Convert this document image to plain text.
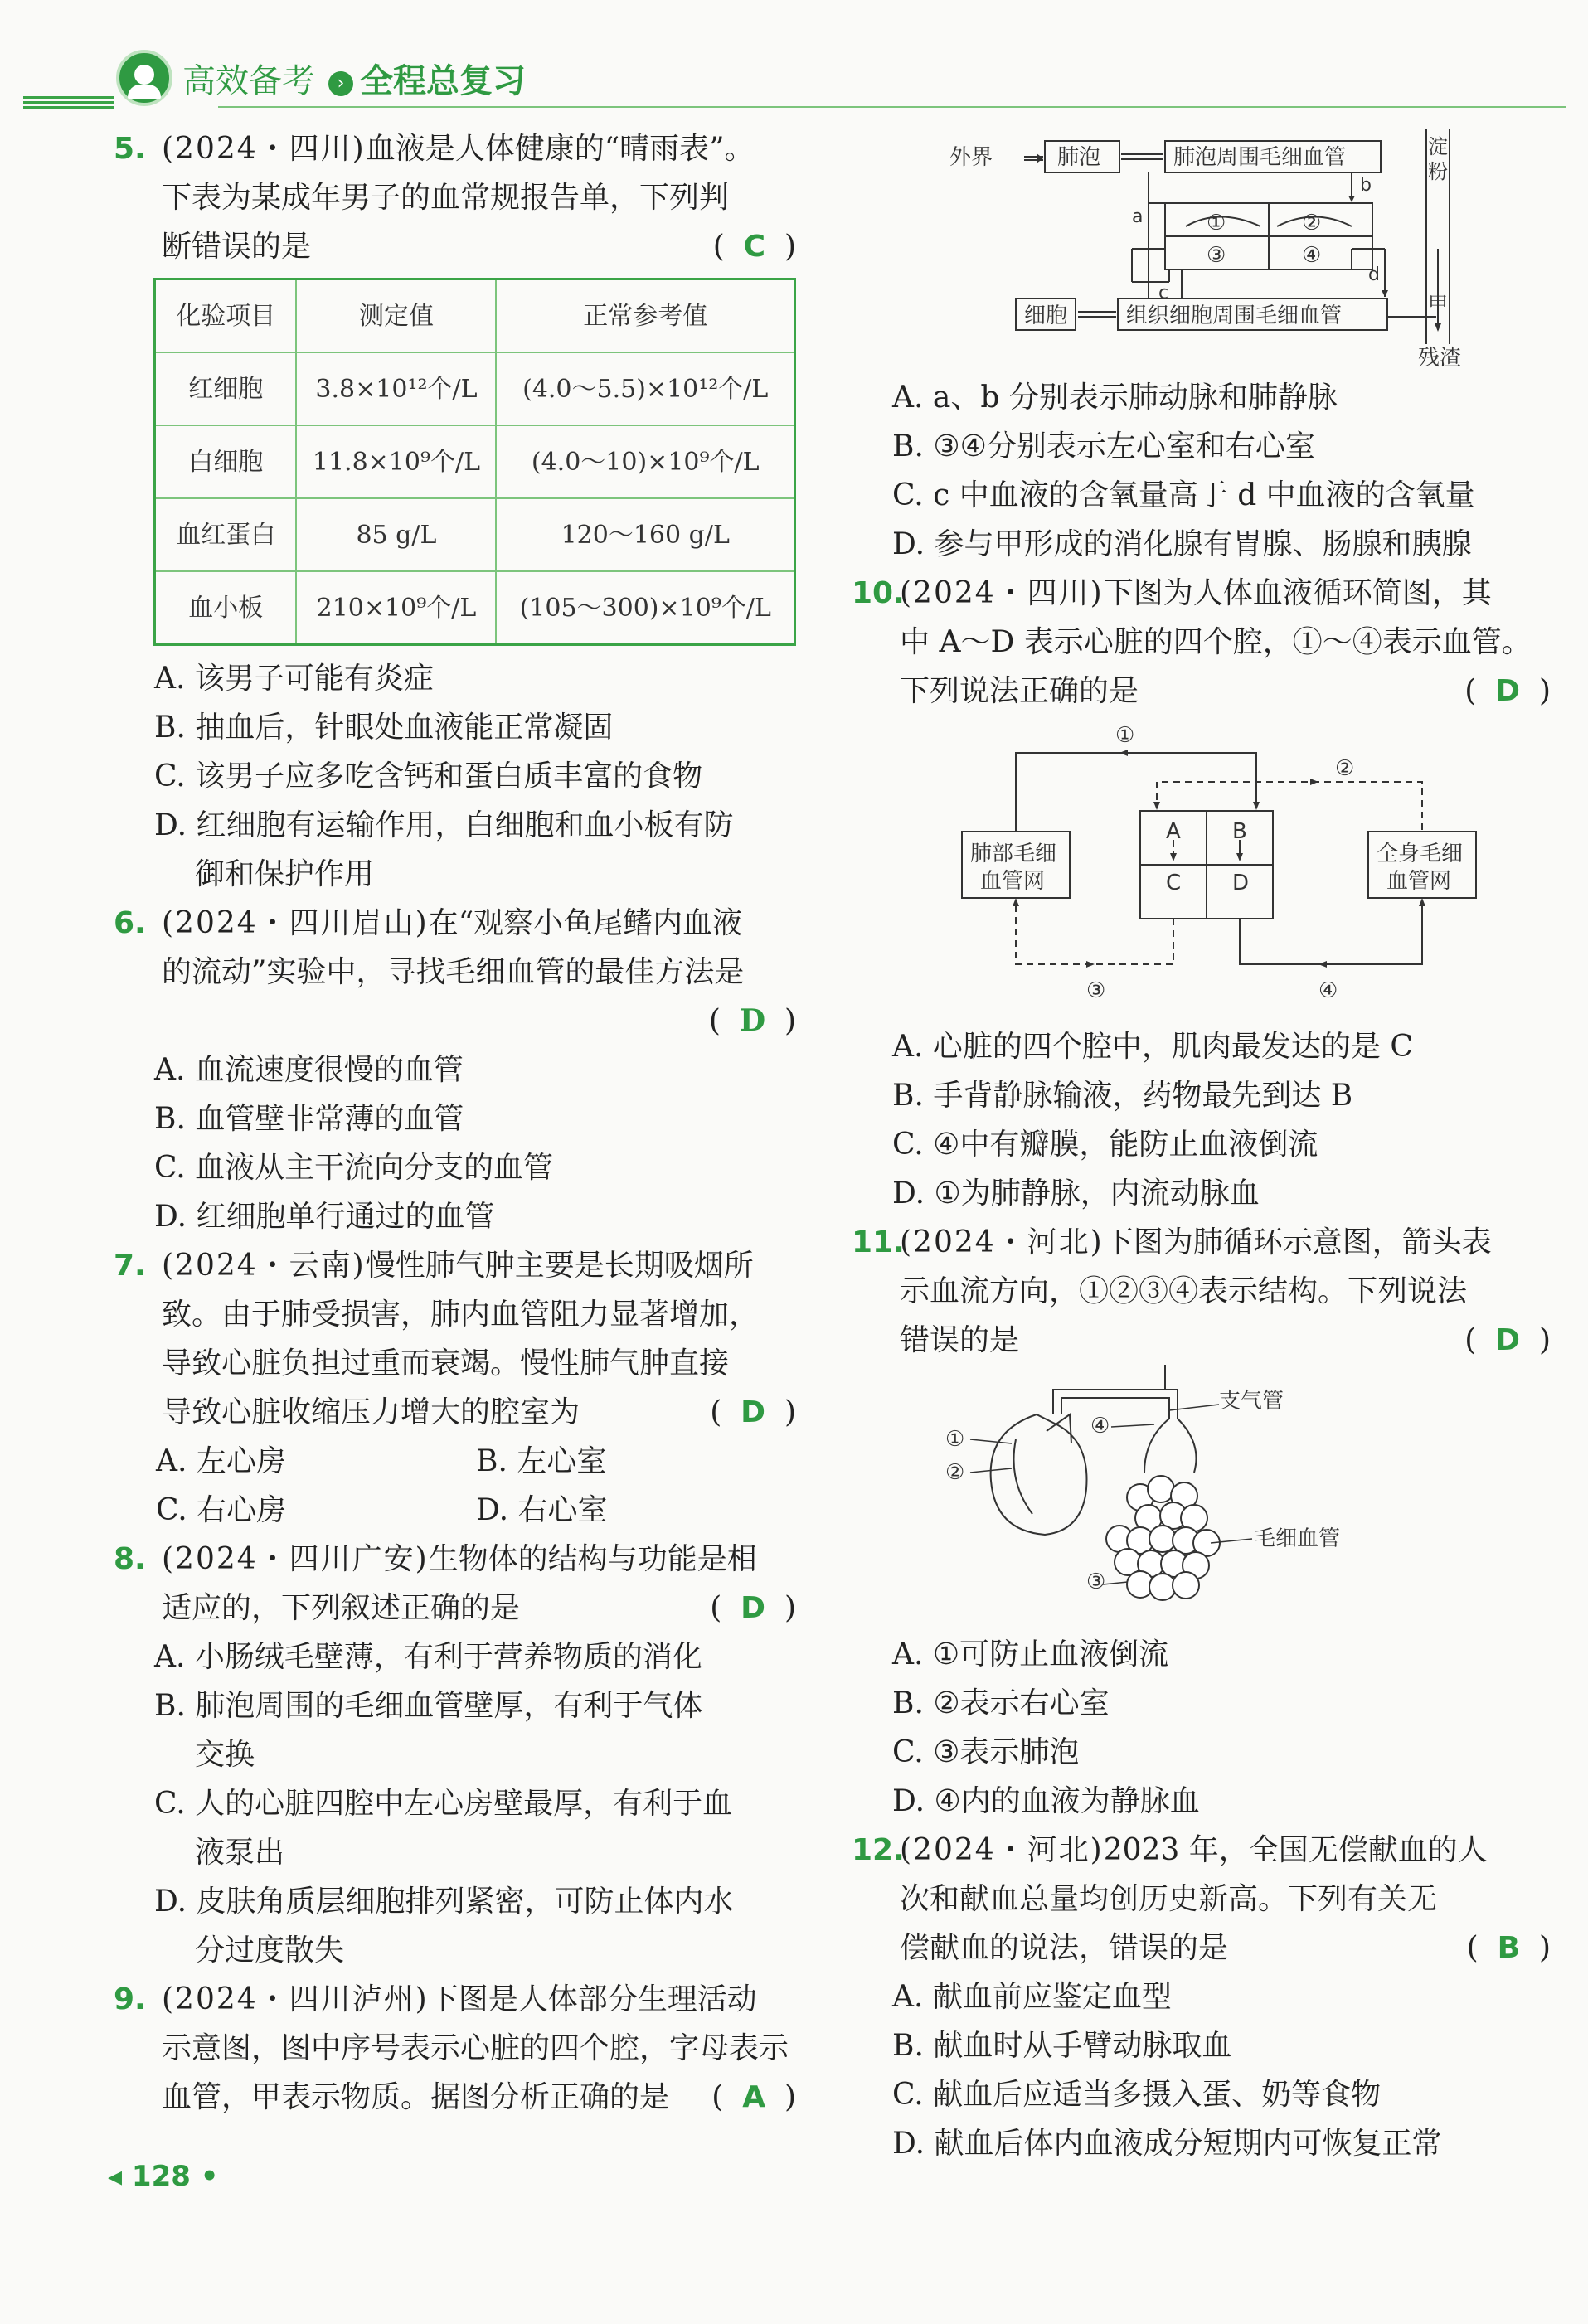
高效备考 › 全程总复习
5. (2024・四川)血液是人体健康的“晴雨表”。
下表为某成年男子的血常规报告单，下列判
断错误的是	(  C  )
化验项目	测定值	正常参考值
红细胞	3.8×10¹²个/L	(4.0～5.5)×10¹²个/L
白细胞	11.8×10⁹个/L	(4.0～10)×10⁹个/L
血红蛋白	85 g/L	120～160 g/L
血小板	210×10⁹个/L	(105～300)×10⁹个/L
A. 该男子可能有炎症
B. 抽血后，针眼处血液能正常凝固
C. 该男子应多吃含钙和蛋白质丰富的食物
D. 红细胞有运输作用，白细胞和血小板有防
御和保护作用
6. (2024・四川眉山)在“观察小鱼尾鳍内血液
的流动”实验中，寻找毛细血管的最佳方法是
(  D  )
A. 血流速度很慢的血管
B. 血管壁非常薄的血管
C. 血液从主干流向分支的血管
D. 红细胞单行通过的血管
7. (2024・云南)慢性肺气肿主要是长期吸烟所
致。由于肺受损害，肺内血管阻力显著增加，
导致心脏负担过重而衰竭。慢性肺气肿直接
导致心脏收缩压力增大的腔室为	(  D  )
A. 左心房	B. 左心室
C. 右心房	D. 右心室
8. (2024・四川广安)生物体的结构与功能是相
适应的，下列叙述正确的是	(  D  )
A. 小肠绒毛壁薄，有利于营养物质的消化
B. 肺泡周围的毛细血管壁厚，有利于气体
交换
C. 人的心脏四腔中左心房壁最厚，有利于血
液泵出
D. 皮肤角质层细胞排列紧密，可防止体内水
分过度散失
9. (2024・四川泸州)下图是人体部分生理活动
示意图，图中序号表示心脏的四个腔，字母表示
血管，甲表示物质。据图分析正确的是 (  A  )
外界	肺泡	肺泡周围毛细血管
细胞	组织细胞周围毛细血管
淀
粉
甲
残渣
b
a
c
d
①	②
③	④
A. a、b 分别表示肺动脉和肺静脉
B. ③④分别表示左心室和右心室
C. c 中血液的含氧量高于 d 中血液的含氧量
D. 参与甲形成的消化腺有胃腺、肠腺和胰腺
10.
(2024・四川)下图为人体血液循环简图，其
中 A～D 表示心脏的四个腔，①～④表示血管。
下列说法正确的是	(  D  )
肺部毛细
血管网
全身毛细
血管网
A B
C D
①
②
③	④
A. 心脏的四个腔中，肌肉最发达的是 C
B. 手背静脉输液，药物最先到达 B
C. ④中有瓣膜，能防止血液倒流
D. ①为肺静脉，内流动脉血
11.
(2024・河北)下图为肺循环示意图，箭头表
示血流方向，①②③④表示结构。下列说法
错误的是	(  D  )
①
②
③
④
支气管
毛细血管
A. ①可防止血液倒流
B. ②表示右心室
C. ③表示肺泡
D. ④内的血液为静脉血
12.
(2024・河北)2023 年，全国无偿献血的人
次和献血总量均创历史新高。下列有关无
偿献血的说法，错误的是	(  B  )
A. 献血前应鉴定血型
B. 献血时从手臂动脉取血
C. 献血后应适当多摄入蛋、奶等食物
D. 献血后体内血液成分短期内可恢复正常
◂ 128 •
